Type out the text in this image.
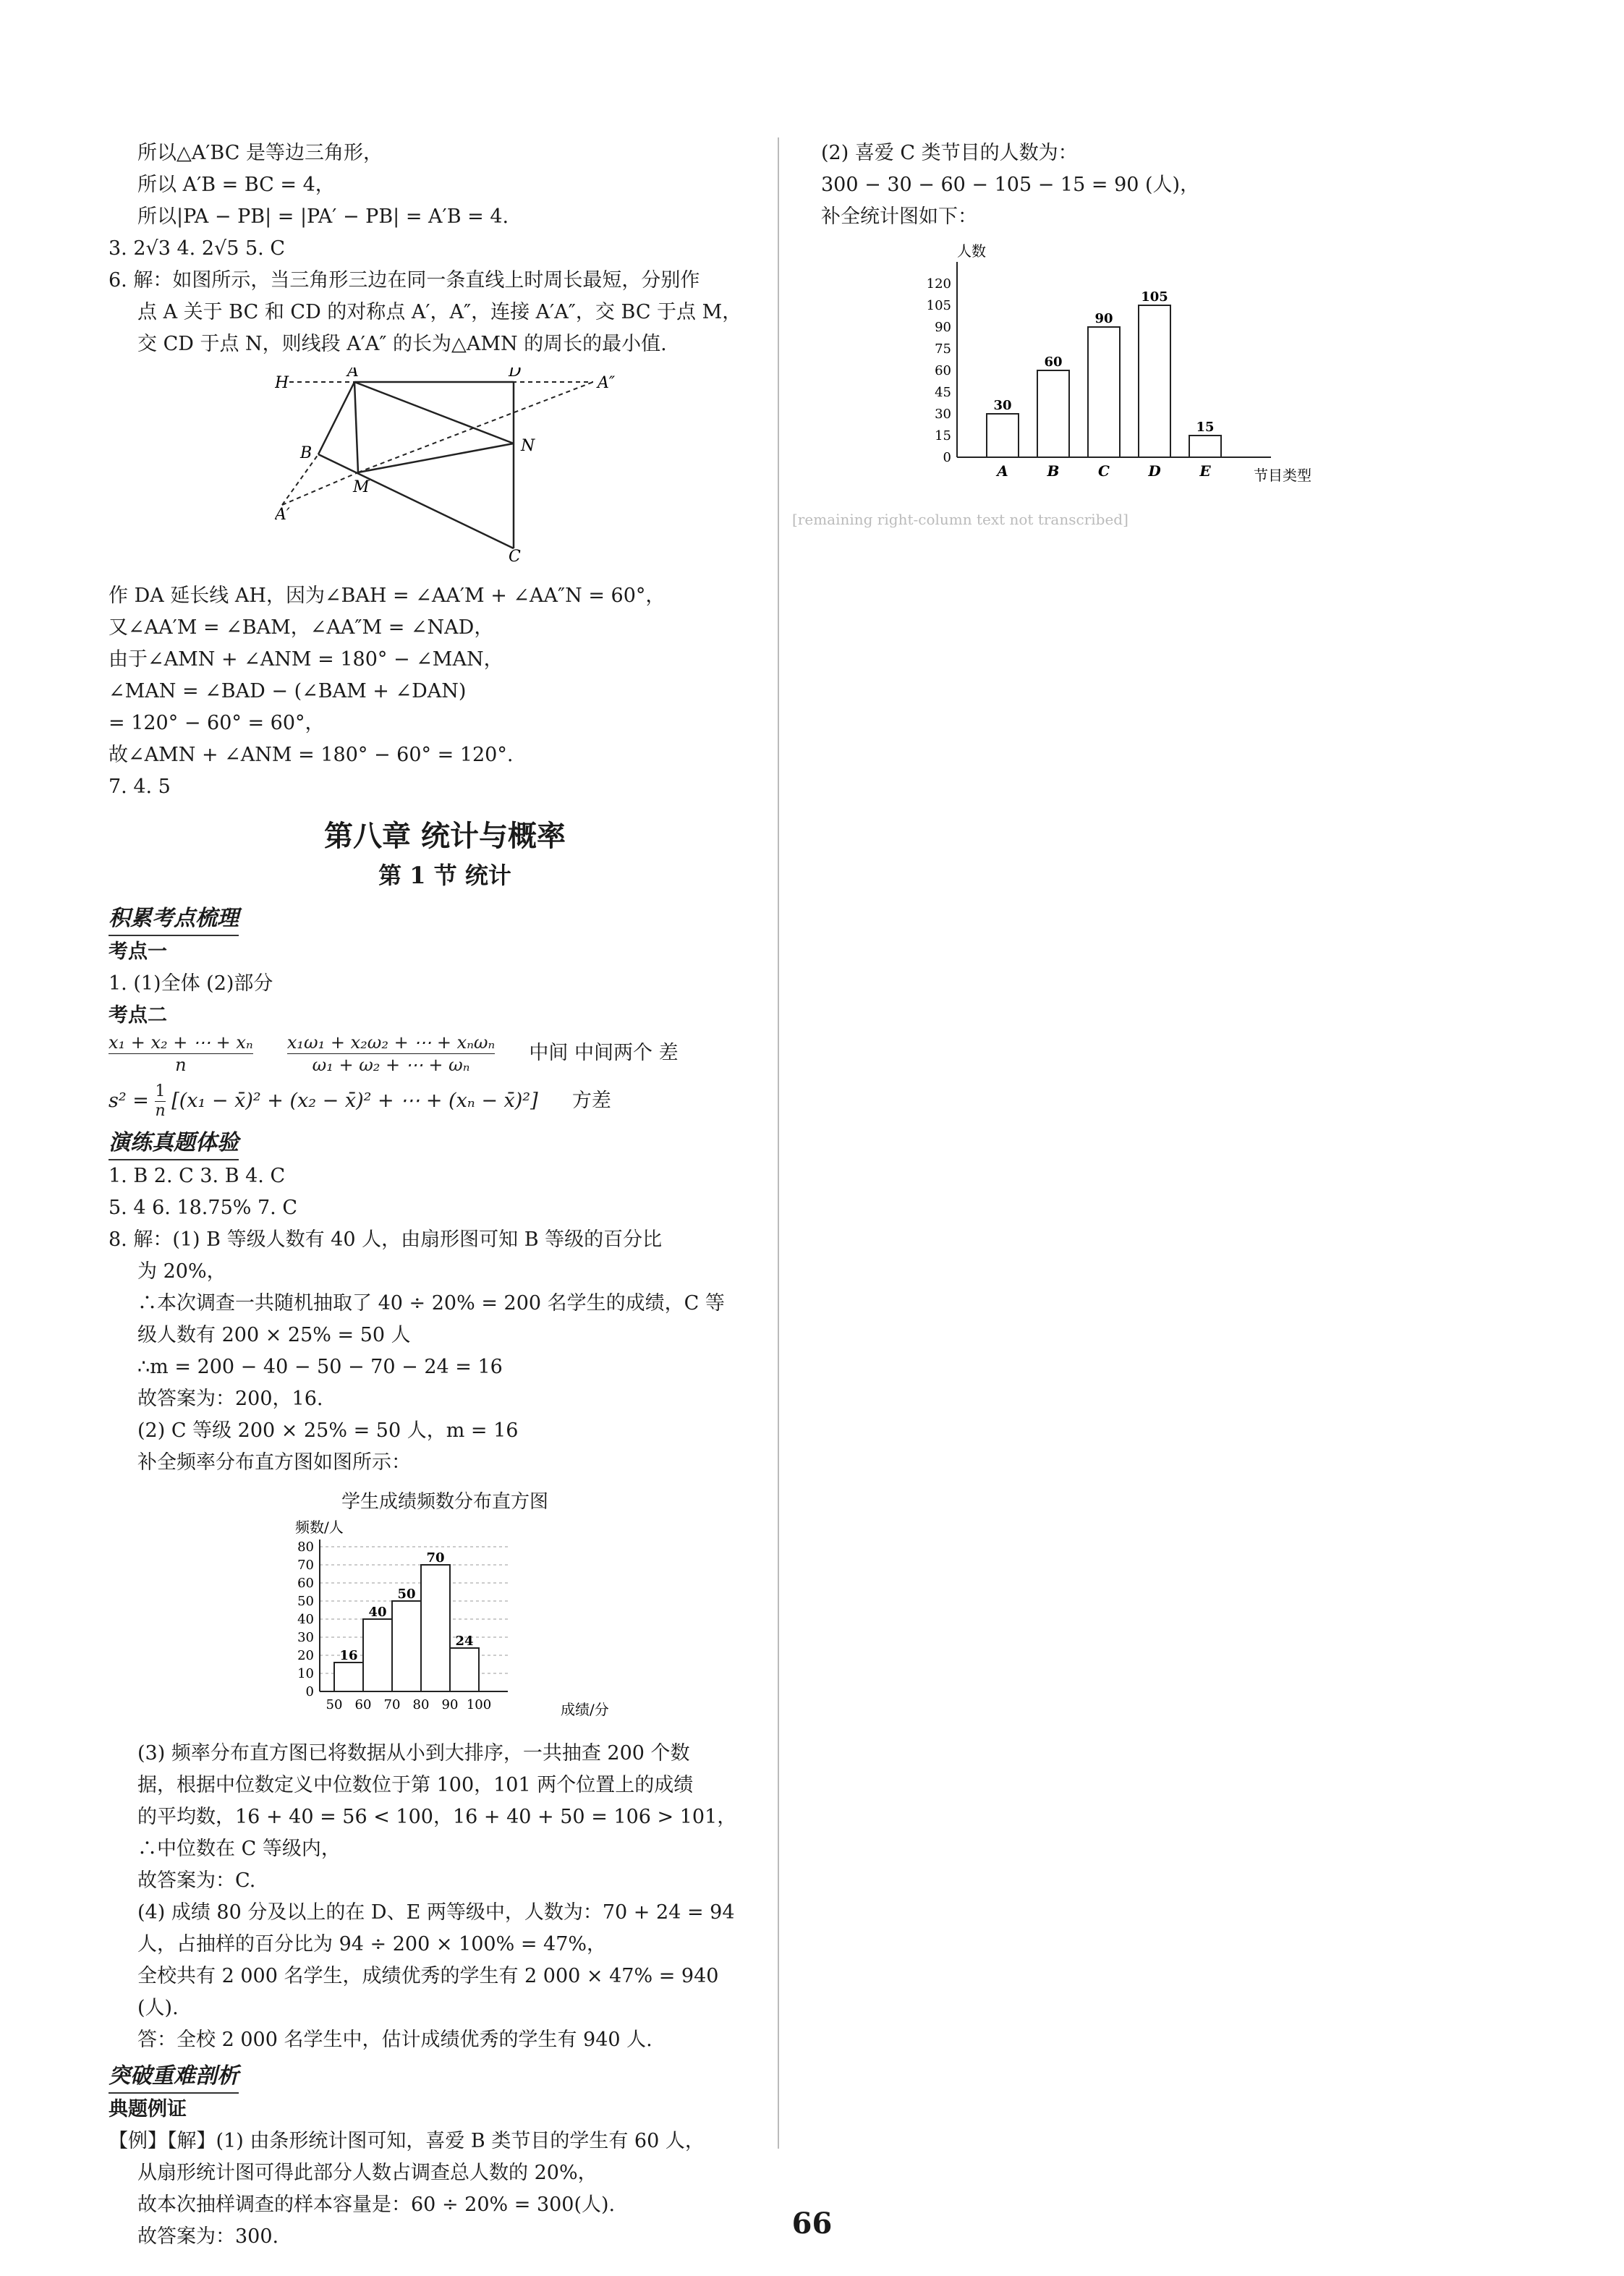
所以△A′BC 是等边三角形，
所以 A′B = BC = 4，
所以|PA − PB| = |PA′ − PB| = A′B = 4.
3. 2√3 4. 2√5 5. C
6. 解：如图所示，当三角形三边在同一条直线上时周长最短，分别作
点 A 关于 BC 和 CD 的对称点 A′，A″，连接 A′A″，交 BC 于点 M，
交 CD 于点 N，则线段 A′A″ 的长为△AMN 的周长的最小值.
H
A	D
A″
B	N
M
A′
C
作 DA 延长线 AH，因为∠BAH = ∠AA′M + ∠AA″N = 60°，
又∠AA′M = ∠BAM，∠AA″M = ∠NAD，
由于∠AMN + ∠ANM = 180° − ∠MAN，
∠MAN = ∠BAD − (∠BAM + ∠DAN)
= 120° − 60° = 60°，
故∠AMN + ∠ANM = 180° − 60° = 120°.
7. 4. 5
第八章 统计与概率
第 1 节 统计
积累考点梳理
考点一
1. (1)全体 (2)部分
考点二
$\frac{\text{x₁ + x₂ + ⋯ + xₙ}}{n}$
x₁ω₁ + x₂ω₂ + ⋯ + xₙωₙ
ω₁ + ω₂ + ⋯ + ωₙ
中间 中间两个 差
$s^2 = \frac{1}{n} [(x_1$ − x̄)² + (x₂ − x̄)² + ⋯ + (xₙ − x̄)²] 方差
演练真题体验
1. B 2. C 3. B 4. C
5. 4 6. 18.75% 7. C
8. 解：(1) B 等级人数有 40 人，由扇形图可知 B 等级的百分比
为 20%，
∴本次调查一共随机抽取了 40 ÷ 20% = 200 名学生的成绩，C 等
级人数有 200 × 25% = 50 人
∴m = 200 − 40 − 50 − 70 − 24 = 16
故答案为：200，16.
(2) C 等级 200 × 25% = 50 人，m = 16
补全频率分布直方图如图所示：
学生成绩频数分布直方图
频数/人
成绩/分
0
10
20
30
40
50
60
70
80
50 60 70 80 90 100
16
40
50
70
24
(3) 频率分布直方图已将数据从小到大排序，一共抽查 200 个数
据，根据中位数定义中位数位于第 100，101 两个位置上的成绩
的平均数，16 + 40 = 56 < 100，16 + 40 + 50 = 106 > 101，
∴中位数在 C 等级内，
故答案为：C.
(4) 成绩 80 分及以上的在 D、E 两等级中，人数为：70 + 24 = 94
人，占抽样的百分比为 94 ÷ 200 × 100% = 47%，
全校共有 2 000 名学生，成绩优秀的学生有 2 000 × 47% = 940
(人).
答：全校 2 000 名学生中，估计成绩优秀的学生有 940 人.
突破重难剖析
典题例证
【例】【解】(1) 由条形统计图可知，喜爱 B 类节目的学生有 60 人，
从扇形统计图可得此部分人数占调查总人数的 20%，
故本次抽样调查的样本容量是：60 ÷ 20% = 300(人).
故答案为：300.
(2) 喜爱 C 类节目的人数为：
300 − 30 − 60 − 105 − 15 = 90 (人)，
补全统计图如下：
人数
节目类型
0
15
30
45
60
75
90
105
120
30
A
60
B
90
C
105
D
15
E
[remaining right-column text not transcribed]
66
